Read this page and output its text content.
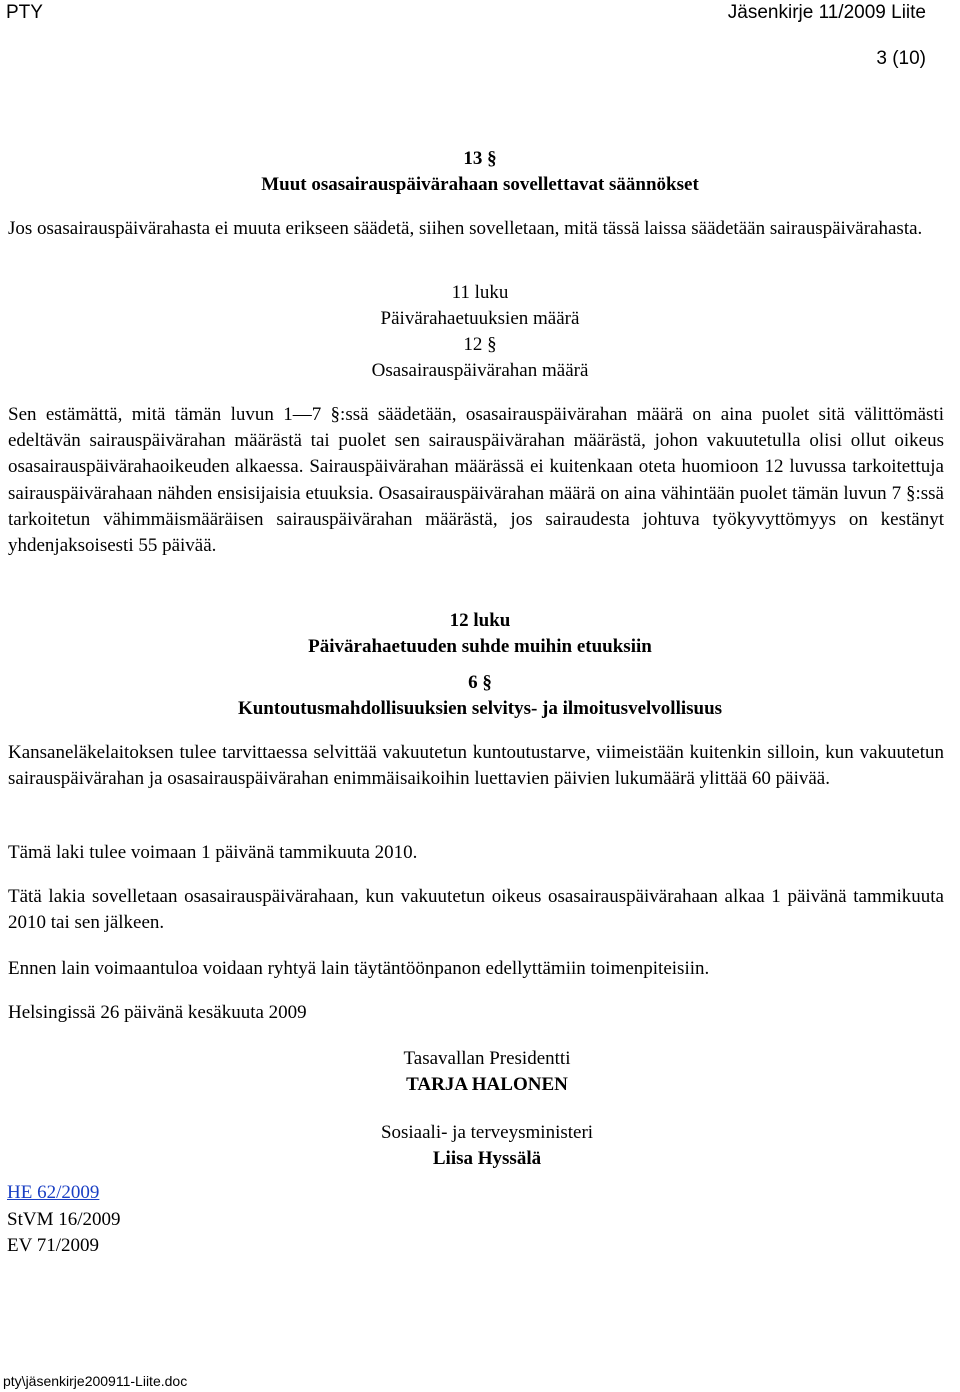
PTY	Jäsenkirje 11/2009 Liite
3 (10)
13 §
Muut osasairauspäivärahaan sovellettavat säännökset
Jos osasairauspäivärahasta ei muuta erikseen säädetä, siihen sovelletaan, mitä tässä laissa säädetään sairauspäivärahasta.
11 luku
Päivärahaetuuksien määrä
12 §
Osasairauspäivärahan määrä
Sen estämättä, mitä tämän luvun 1—7 §:ssä säädetään, osasairauspäivärahan määrä on aina puolet sitä välittömästi edeltävän sairauspäivärahan määrästä tai puolet sen sairauspäivärahan määrästä, johon vakuutetulla olisi ollut oikeus osasairauspäivärahaoikeuden alkaessa. Sairauspäivärahan määrässä ei kuitenkaan oteta huomioon 12 luvussa tarkoitettuja sairauspäivärahaan nähden ensisijaisia etuuksia. Osasairauspäivärahan määrä on aina vähintään puolet tämän luvun 7 §:ssä tarkoitetun vähimmäismääräisen sairauspäivärahan määrästä, jos sairaudesta johtuva työkyvyttömyys on kestänyt yhdenjaksoisesti 55 päivää.
12 luku
Päivärahaetuuden suhde muihin etuuksiin
6 §
Kuntoutusmahdollisuuksien selvitys- ja ilmoitusvelvollisuus
Kansaneläkelaitoksen tulee tarvittaessa selvittää vakuutetun kuntoutustarve, viimeistään kuitenkin silloin, kun vakuutetun sairauspäivärahan ja osasairauspäivärahan enimmäisaikoihin luettavien päivien lukumäärä ylittää 60 päivää.
Tämä laki tulee voimaan 1 päivänä tammikuuta 2010.
Tätä lakia sovelletaan osasairauspäivärahaan, kun vakuutetun oikeus osasairauspäivärahaan alkaa 1 päivänä tammikuuta 2010 tai sen jälkeen.
Ennen lain voimaantuloa voidaan ryhtyä lain täytäntöönpanon edellyttämiin toimenpiteisiin.
Helsingissä 26 päivänä kesäkuuta 2009
Tasavallan Presidentti
TARJA HALONEN
Sosiaali- ja terveysministeri
Liisa Hyssälä
HE 62/2009
StVM 16/2009
EV 71/2009
pty\jäsenkirje200911-Liite.doc
